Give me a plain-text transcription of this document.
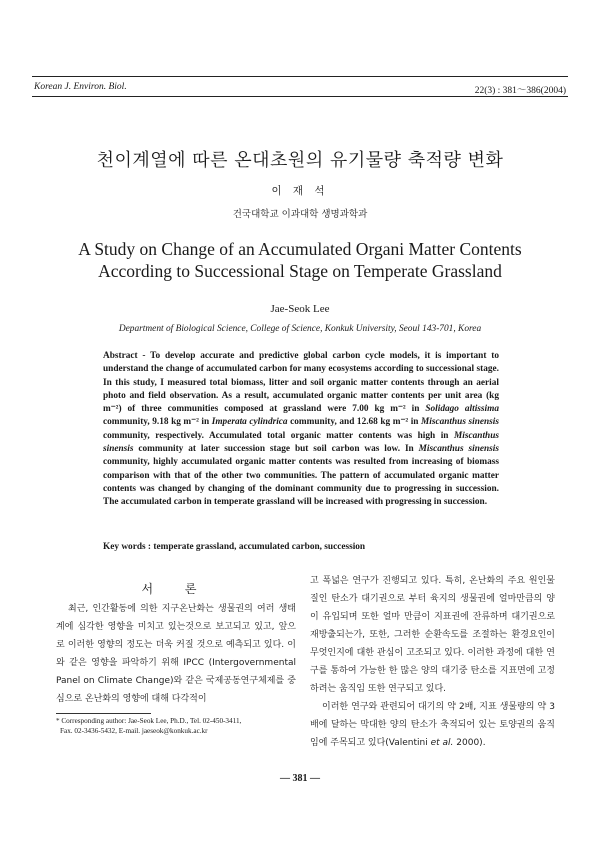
Korean J. Environ. Biol.	22(3) : 381～386(2004)
천이계열에 따른 온대초원의 유기물량 축적량 변화
이 재 석
건국대학교 이과대학 생명과학과
A Study on Change of an Accumulated Organi Matter Contents
According to Successional Stage on Temperate Grassland
Jae-Seok Lee
Department of Biological Science, College of Science, Konkuk University, Seoul 143-701, Korea
Abstract - To develop accurate and predictive global carbon cycle models, it is important to understand the change of accumulated carbon for many ecosystems according to successional stage. In this study, I measured total biomass, litter and soil organic matter contents through an aerial photo and field observation. As a result, accumulated organic matter contents per unit area (kg m⁻²) of three communities composed at grassland were 7.00 kg m⁻² in Solidago altissima community, 9.18 kg m⁻² in Imperata cylindrica community, and 12.68 kg m⁻² in Miscanthus sinensis community, respectively. Accumulated total organic matter contents was high in Miscanthus sinensis community at later succession stage but soil carbon was low. In Miscanthus sinensis community, highly accumulated organic matter contents was resulted from increasing of biomass comparison with that of the other two communities. The pattern of accumulated organic matter contents was changed by changing of the dominant community due to progressing in succession. The accumulated carbon in temperate grassland will be increased with progressing in succession.
Key words : temperate grassland, accumulated carbon, succession
서 론

최근, 인간활동에 의한 지구온난화는 생물권의 여러 생태계에 심각한 영향을 미치고 있는것으로 보고되고 있고, 앞으로 이러한 영향의 정도는 더욱 커질 것으로 예측되고 있다. 이와 같은 영향을 파악하기 위해 IPCC (Intergovernmental Panel on Climate Change)와 같은 국제공동연구체제를 중심으로 온난화의 영향에 대해 다각적이

고 폭넓은 연구가 진행되고 있다. 특히, 온난화의 주요 원인물질인 탄소가 대기권으로 부터 육지의 생물권에 얼마만큼의 양이 유입되며 또한 얼마 만큼이 지표권에 잔류하며 대기권으로 재방출되는가, 또한, 그러한 순환속도를 조절하는 환경요인이 무엇인지에 대한 관심이 고조되고 있다. 이러한 과정에 대한 연구를 통하여 가능한 한 많은 양의 대기중 탄소를 지표면에 고정하려는 움직임 또한 연구되고 있다.

이러한 연구와 관련되어 대기의 약 2배, 지표 생물량의 약 3배에 달하는 막대한 양의 탄소가 축적되어 있는 토양권의 움직임에 주목되고 있다(Valentini et al. 2000).

* Corresponding author: Jae-Seok Lee, Ph.D., Tel. 02-450-3411,

Fax. 02-3436-5432, E-mail. jaeseok@konkuk.ac.kr

— 381 —
